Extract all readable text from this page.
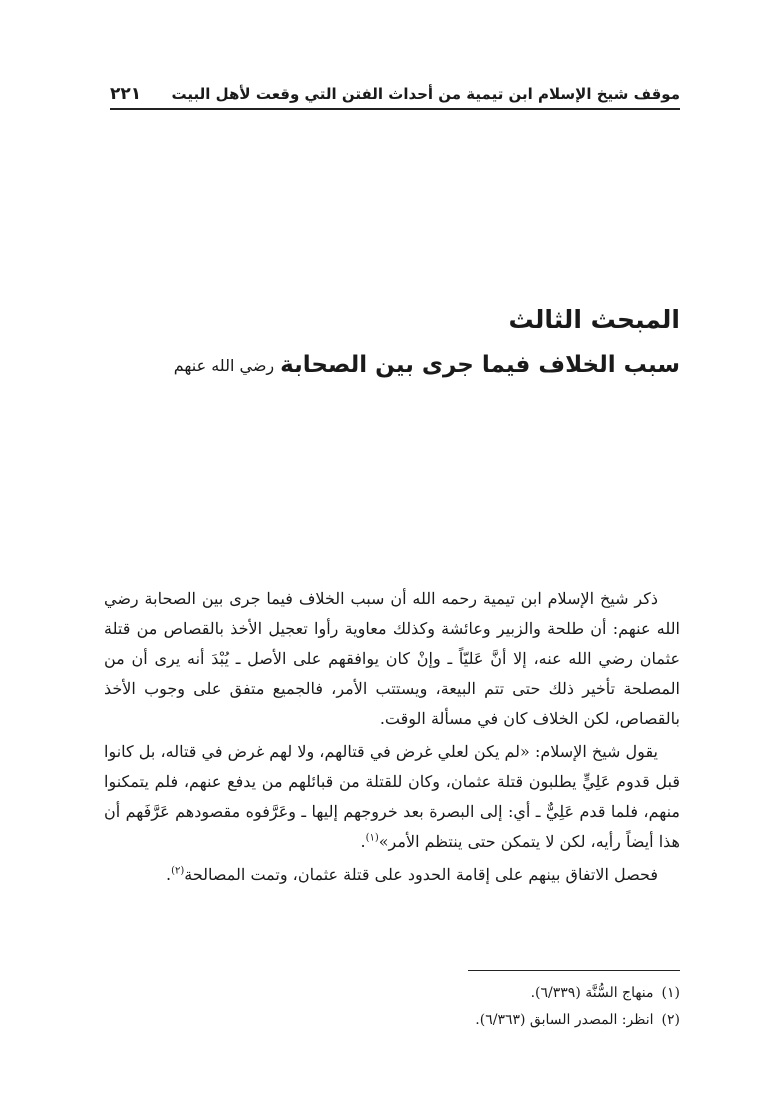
موقف شيخ الإسلام ابن تيمية من أحداث الفتن التي وقعت لأهل البيت
٢٢١
المبحث الثالث
سبب الخلاف فيما جرى بين الصحابةرضي الله عنهم

ذكر شيخ الإسلام ابن تيمية رحمه الله أن سبب الخلاف فيما جرى بين الصحابة رضي الله عنهم: أن طلحة والزبير وعائشة وكذلك معاوية رأوا تعجيل الأخذ بالقصاص من قتلة عثمان رضي الله عنه، إلا أنَّ عَليّاً ـ وإنْ كان يوافقهم على الأصل ـ يُبْدَ أنه يرى أن من المصلحة تأخير ذلك حتى تتم البيعة، ويستتب الأمر، فالجميع متفق على وجوب الأخذ بالقصاص، لكن الخلاف كان في مسألة الوقت.

يقول شيخ الإسلام: «لم يكن لعلي غرض في قتالهم، ولا لهم غرض في قتاله، بل كانوا قبل قدوم عَلِيٍّ يطلبون قتلة عثمان، وكان للقتلة من قبائلهم من يدفع عنهم، فلم يتمكنوا منهم، فلما قدم عَلِيٌّ ـ أي: إلى البصرة بعد خروجهم إليها ـ وعَرَّفوه مقصودهم عَرَّفَهم أن هذا أيضاً رأيه، لكن لا يتمكن حتى ينتظم الأمر»$^{(١)}$.

فحصل الاتفاق بينهم على إقامة الحدود على قتلة عثمان، وتمت المصالحة$^{(٢)}$.

(١)
منهاج السُّنَّة (٦/٣٣٩).
(٢)
انظر: المصدر السابق (٦/٣٦٣).
